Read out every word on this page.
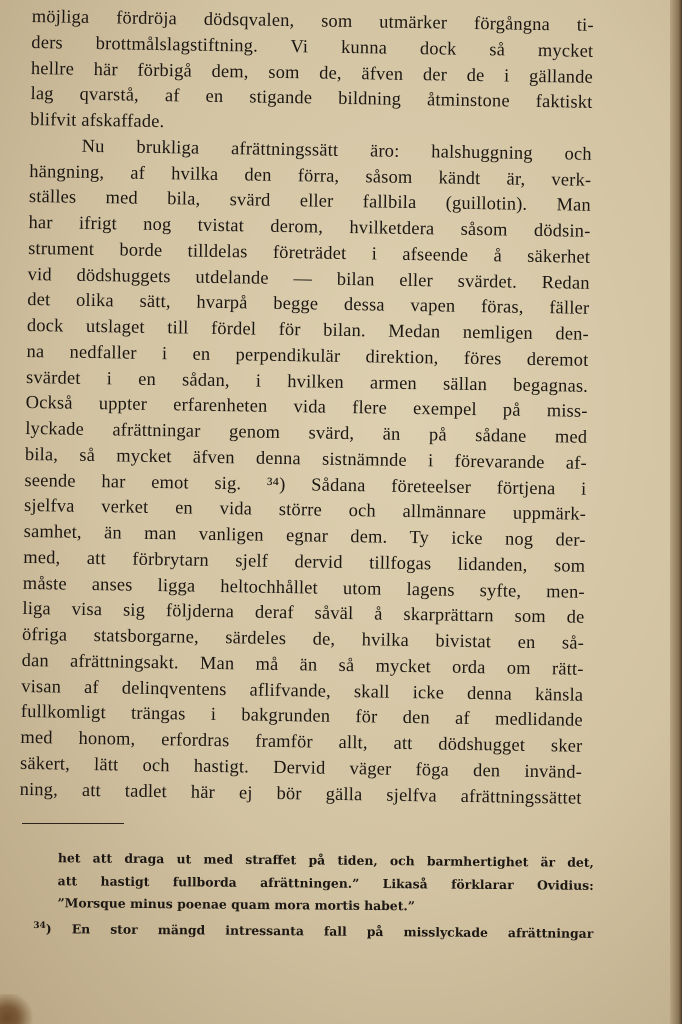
möjliga fördröja dödsqvalen, som utmärker förgångna ti-
ders brottmålslagstiftning. Vi kunna dock så mycket
hellre här förbigå dem, som de, äfven der de i gällande
lag qvarstå, af en stigande bildning åtminstone faktiskt
blifvit afskaffade.
Nu brukliga afrättningssätt äro: halshuggning och
hängning, af hvilka den förra, såsom kändt är, verk-
ställes med bila, svärd eller fallbila (guillotin). Man
har ifrigt nog tvistat derom, hvilketdera såsom dödsin-
strument borde tilldelas företrädet i afseende å säkerhet
vid dödshuggets utdelande — bilan eller svärdet. Redan
det olika sätt, hvarpå begge dessa vapen föras, fäller
dock utslaget till fördel för bilan. Medan nemligen den-
na nedfaller i en perpendikulär direktion, föres deremot
svärdet i en sådan, i hvilken armen sällan begagnas.
Också uppter erfarenheten vida flere exempel på miss-
lyckade afrättningar genom svärd, än på sådane med
bila, så mycket äfven denna sistnämnde i förevarande af-
seende har emot sig. ³⁴) Sådana företeelser förtjena i
sjelfva verket en vida större och allmännare uppmärk-
samhet, än man vanligen egnar dem. Ty icke nog der-
med, att förbrytarn sjelf dervid tillfogas lidanden, som
måste anses ligga heltochhållet utom lagens syfte, men-
liga visa sig följderna deraf såväl å skarprättarn som de
öfriga statsborgarne, särdeles de, hvilka bivistat en så-
dan afrättningsakt. Man må än så mycket orda om rätt-
visan af delinqventens aflifvande, skall icke denna känsla
fullkomligt trängas i bakgrunden för den af medlidande
med honom, erfordras framför allt, att dödshugget sker
säkert, lätt och hastigt. Dervid väger föga den invänd-
ning, att tadlet här ej bör gälla sjelfva afrättningssättet
het att draga ut med straffet på tiden, och barmhertighet är det,
att hastigt fullborda afrättningen.” Likaså förklarar Ovidius:
”Morsque minus poenae quam mora mortis habet.”
$^{34}$) En stor mängd intressanta fall på misslyckade afrättningar
